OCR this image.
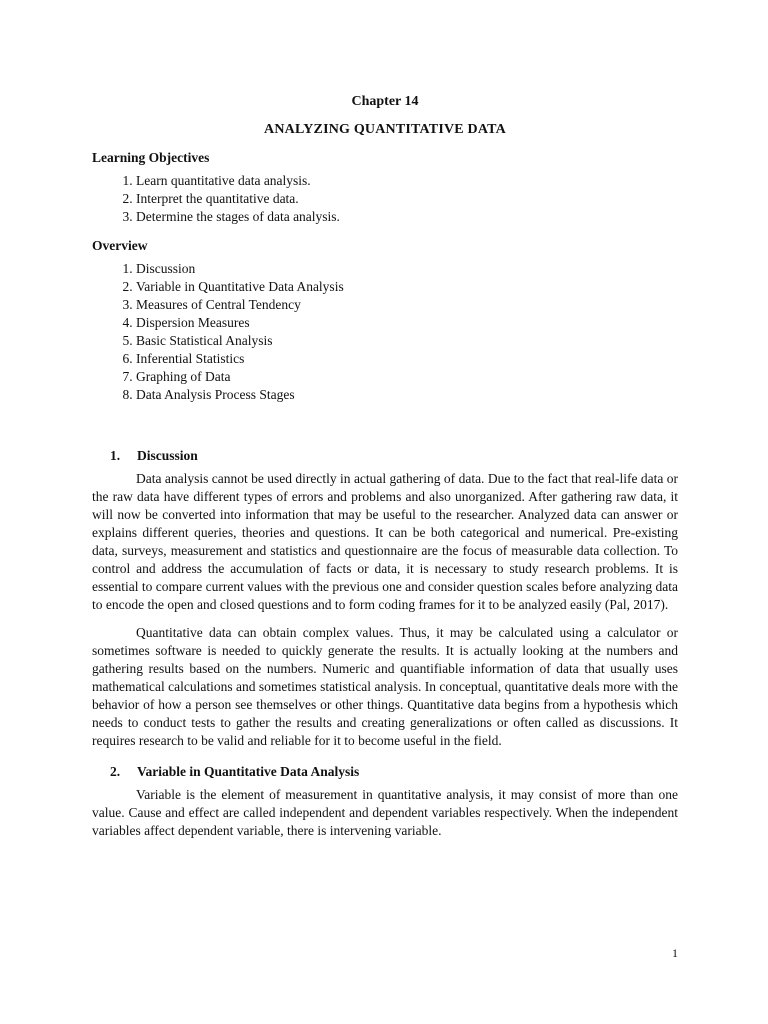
Chapter 14
ANALYZING QUANTITATIVE DATA
Learning Objectives
1. Learn quantitative data analysis.
2. Interpret the quantitative data.
3. Determine the stages of data analysis.
Overview
1. Discussion
2. Variable in Quantitative Data Analysis
3. Measures of Central Tendency
4. Dispersion Measures
5. Basic Statistical Analysis
6. Inferential Statistics
7. Graphing of Data
8. Data Analysis Process Stages
1. Discussion

Data analysis cannot be used directly in actual gathering of data. Due to the fact that real-life data or the raw data have different types of errors and problems and also unorganized. After gathering raw data, it will now be converted into information that may be useful to the researcher. Analyzed data can answer or explains different queries, theories and questions. It can be both categorical and numerical. Pre-existing data, surveys, measurement and statistics and questionnaire are the focus of measurable data collection. To control and address the accumulation of facts or data, it is necessary to study research problems. It is essential to compare current values with the previous one and consider question scales before analyzing data to encode the open and closed questions and to form coding frames for it to be analyzed easily (Pal, 2017).

Quantitative data can obtain complex values. Thus, it may be calculated using a calculator or sometimes software is needed to quickly generate the results. It is actually looking at the numbers and gathering results based on the numbers. Numeric and quantifiable information of data that usually uses mathematical calculations and sometimes statistical analysis. In conceptual, quantitative deals more with the behavior of how a person see themselves or other things. Quantitative data begins from a hypothesis which needs to conduct tests to gather the results and creating generalizations or often called as discussions. It requires research to be valid and reliable for it to become useful in the field.

2. Variable in Quantitative Data Analysis

Variable is the element of measurement in quantitative analysis, it may consist of more than one value. Cause and effect are called independent and dependent variables respectively. When the independent variables affect dependent variable, there is intervening variable.

1
